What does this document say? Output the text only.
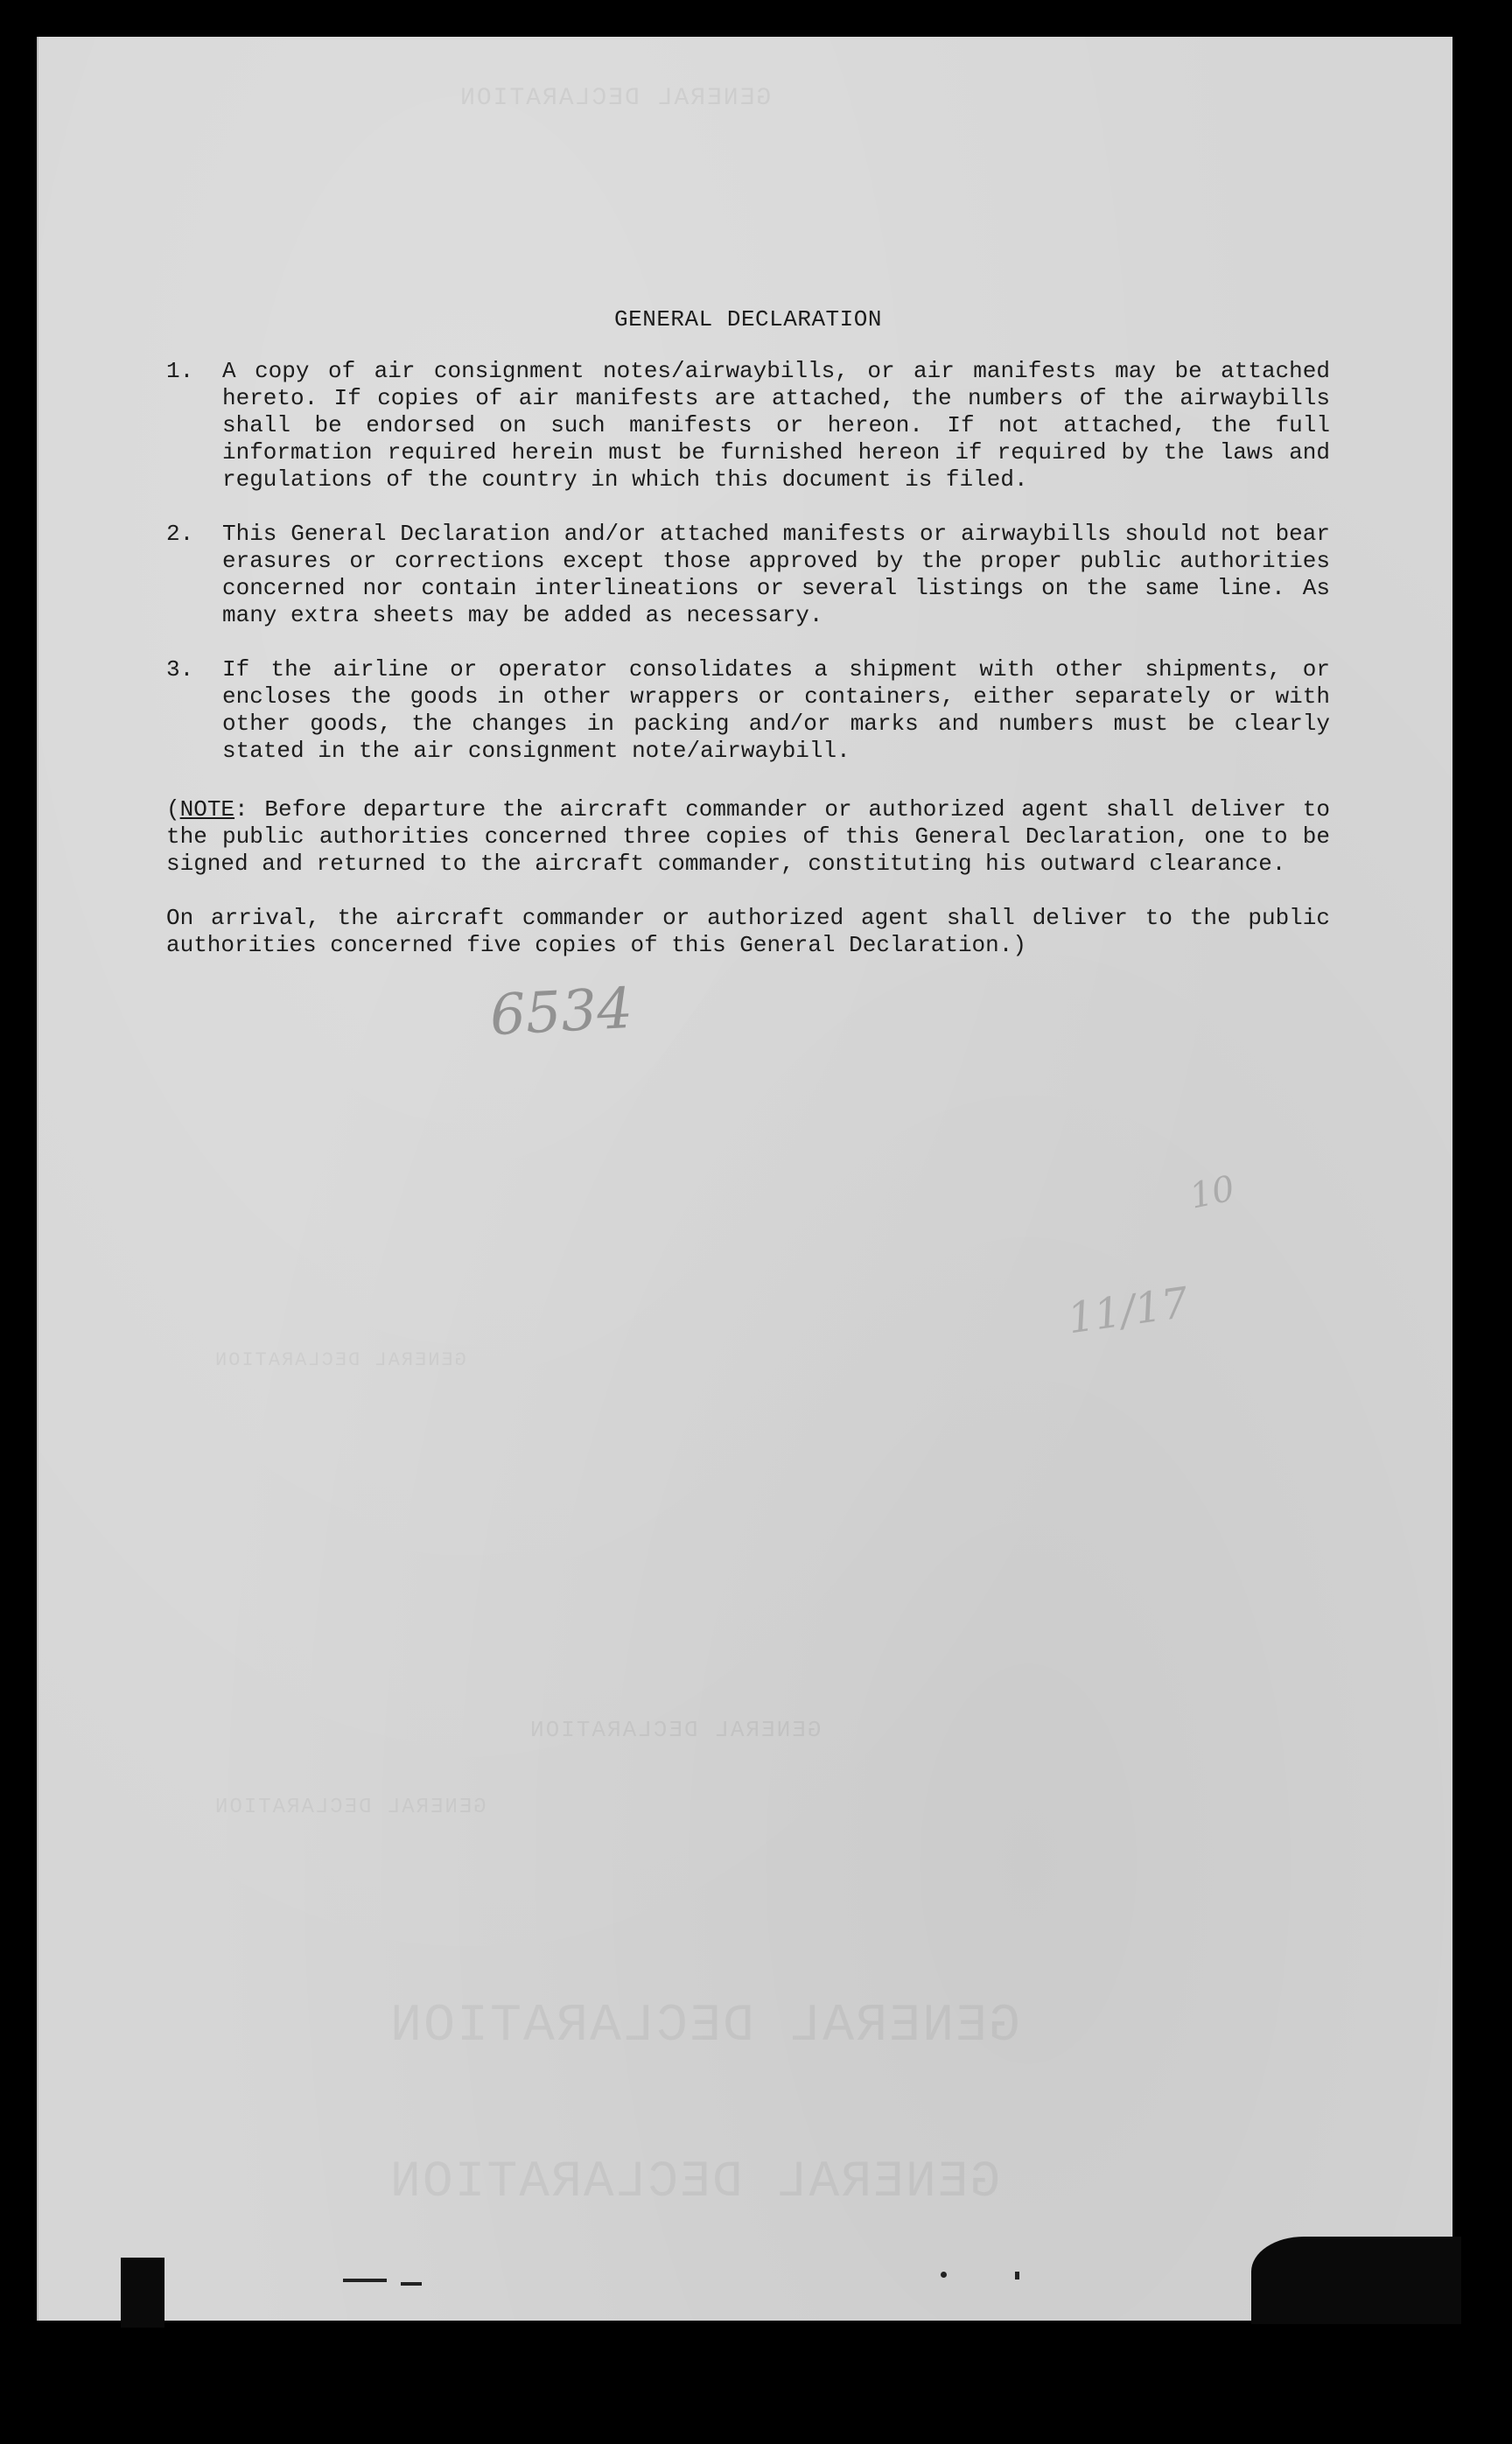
GENERAL DECLARATION
GENERAL DECLARATION
GENERAL DECLARATION
GENERAL DECLARATION
GENERAL DECLARATION
GENERAL DECLARATION
GENERAL DECLARATION
1.	A copy of air consignment notes/airwaybills, or air manifests may be attached hereto. If copies of air manifests are attached, the numbers of the airwaybills shall be endorsed on such manifests or hereon. If not attached, the full information required herein must be furnished hereon if required by the laws and regulations of the country in which this document is filed.
2.	This General Declaration and/or attached manifests or airwaybills should not bear erasures or corrections except those approved by the proper public authorities concerned nor contain interlineations or several listings on the same line. As many extra sheets may be added as necessary.
3.	If the airline or operator consolidates a shipment with other shipments, or encloses the goods in other wrappers or containers, either separately or with other goods, the changes in packing and/or marks and numbers must be clearly stated in the air consignment note/airwaybill.
(NOTE: Before departure the aircraft commander or authorized agent shall deliver to the public authorities concerned three copies of this General Declaration, one to be signed and returned to the aircraft commander, constituting his outward clearance.
On arrival, the aircraft commander or authorized agent shall deliver to the public authorities concerned five copies of this General Declaration.)
6534
10
11/17
